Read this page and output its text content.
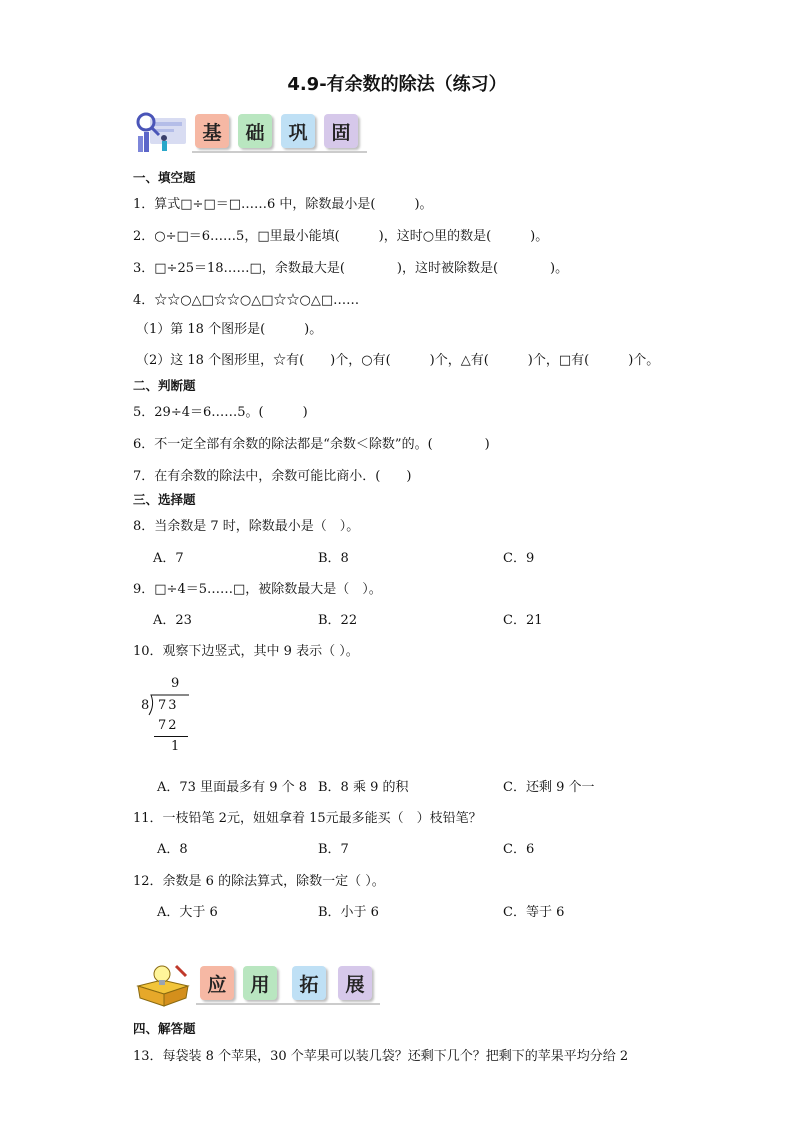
4.9-有余数的除法（练习）
基 础 巩 固
一、填空题
1．算式□÷□＝□……6 中，除数最小是(　　　)。
2．○÷□＝6……5，□里最小能填(　　　)，这时○里的数是(　　　)。
3．□÷25＝18……□，余数最大是(　　　　)，这时被除数是(　　　　)。
4．☆☆○△□☆☆○△□☆☆○△□……
（1）第 18 个图形是(　　　)。
（2）这 18 个图形里，☆有(　　)个，○有(　　　)个，△有(　　　)个，□有(　　　)个。
二、判断题
5．29÷4＝6……5。(　　　)
6．不一定全部有余数的除法都是“余数＜除数”的。(　　　　)
7．在有余数的除法中，余数可能比商小．(　　)
三、选择题
8．当余数是 7 时，除数最小是（　）。
A．7	B．8	C．9
9．□÷4＝5……□，被除数最大是（　）。
A．23	B．22	C．21
10．观察下边竖式，其中 9 表示（ ）。
9
8 73
72
1
A．73 里面最多有 9 个 8 B．8 乘 9 的积	C．还剩 9 个一
11．一枝铅笔 2元，妞妞拿着 15元最多能买（　）枝铅笔？
A．8	B．7	C．6
12．余数是 6 的除法算式，除数一定（ ）。
A．大于 6	B．小于 6	C．等于 6
应 用 拓 展
四、解答题
13．每袋装 8 个苹果，30 个苹果可以装几袋？还剩下几个？把剩下的苹果平均分给 2
